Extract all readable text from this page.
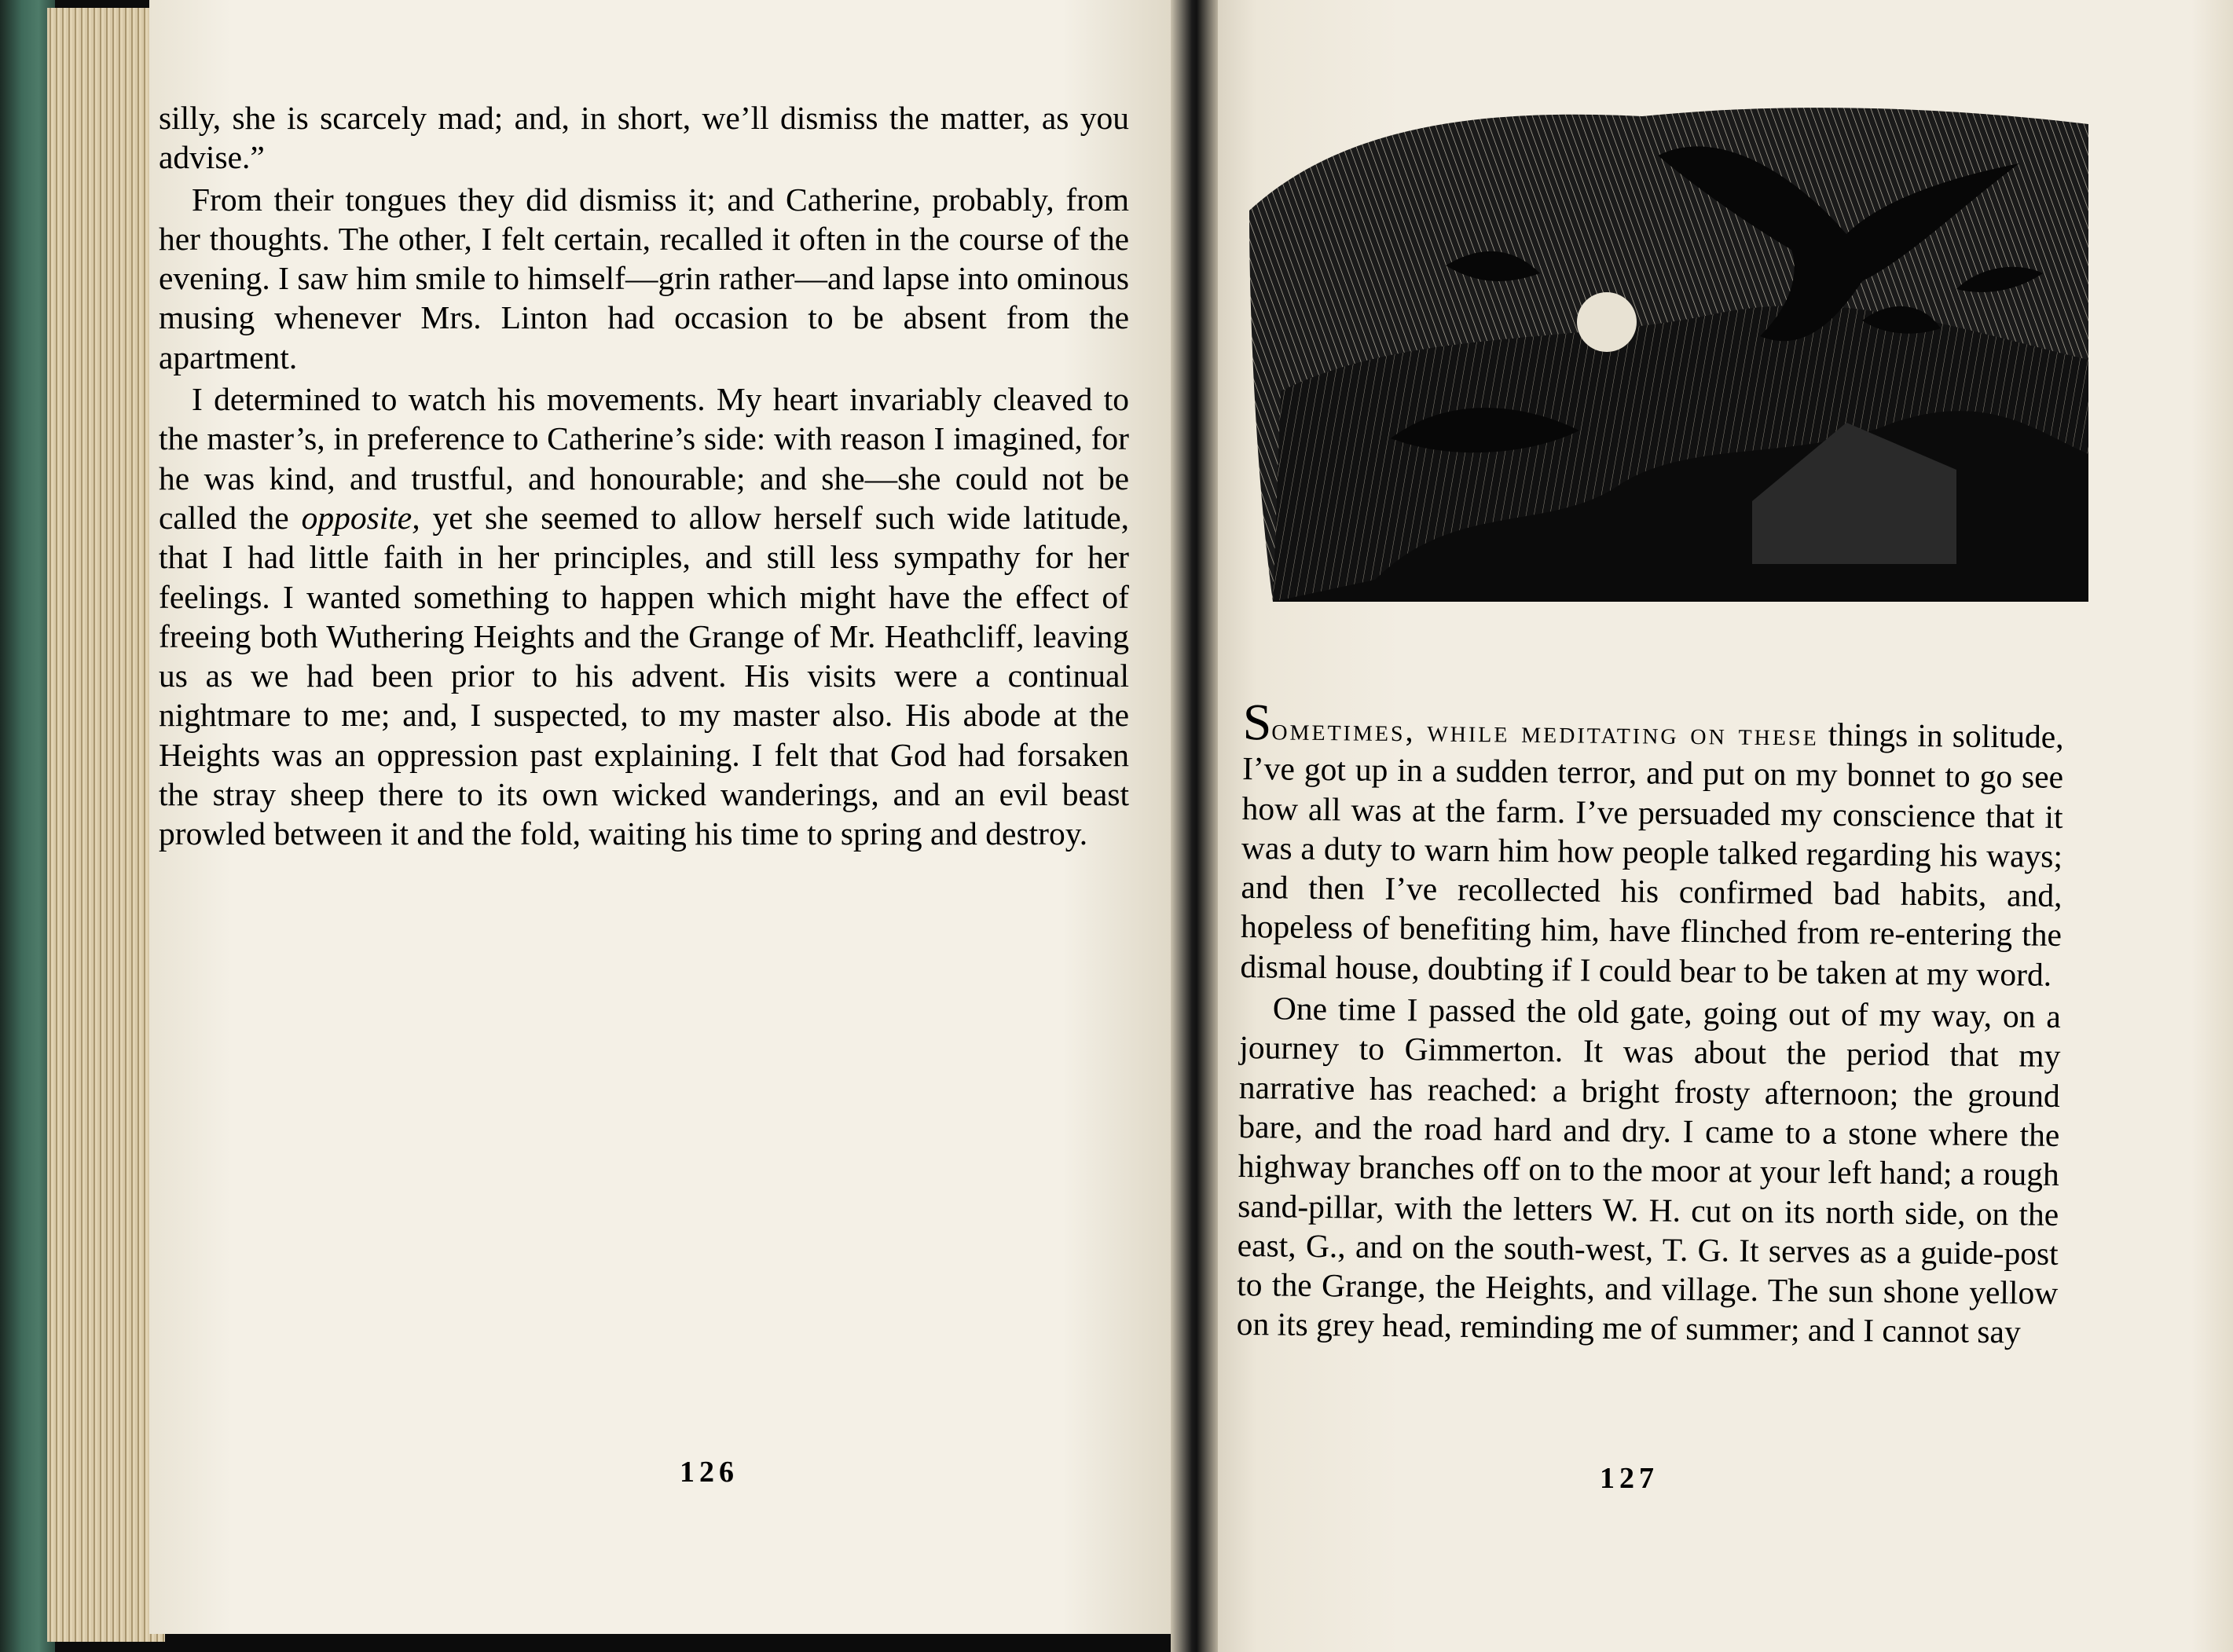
silly, she is scarcely mad; and, in short, we’ll dismiss the matter, as you advise.”

From their tongues they did dismiss it; and Catherine, probably, from her thoughts. The other, I felt certain, recalled it often in the course of the evening. I saw him smile to himself—grin rather—and lapse into ominous musing whenever Mrs. Linton had occasion to be absent from the apartment.

I determined to watch his movements. My heart invariably cleaved to the master’s, in preference to Catherine’s side: with reason I imagined, for he was kind, and trustful, and honourable; and she—she could not be called the opposite, yet she seemed to allow herself such wide latitude, that I had little faith in her principles, and still less sympathy for her feelings. I wanted something to happen which might have the effect of freeing both Wuthering Heights and the Grange of Mr. Heathcliff, leaving us as we had been prior to his advent. His visits were a continual nightmare to me; and, I suspected, to my master also. His abode at the Heights was an oppression past explaining. I felt that God had forsaken the stray sheep there to its own wicked wanderings, and an evil beast prowled between it and the fold, waiting his time to spring and destroy.

126

Sometimes, while meditating on these things in solitude, I’ve got up in a sudden terror, and put on my bonnet to go see how all was at the farm. I’ve persuaded my conscience that it was a duty to warn him how people talked regarding his ways; and then I’ve recollected his confirmed bad habits, and, hopeless of benefiting him, have flinched from re-entering the dismal house, doubting if I could bear to be taken at my word.

One time I passed the old gate, going out of my way, on a journey to Gimmerton. It was about the period that my narrative has reached: a bright frosty afternoon; the ground bare, and the road hard and dry. I came to a stone where the highway branches off on to the moor at your left hand; a rough sand-pillar, with the letters W. H. cut on its north side, on the east, G., and on the south-west, T. G. It serves as a guide-post to the Grange, the Heights, and village. The sun shone yellow on its grey head, reminding me of summer; and I cannot say

127
